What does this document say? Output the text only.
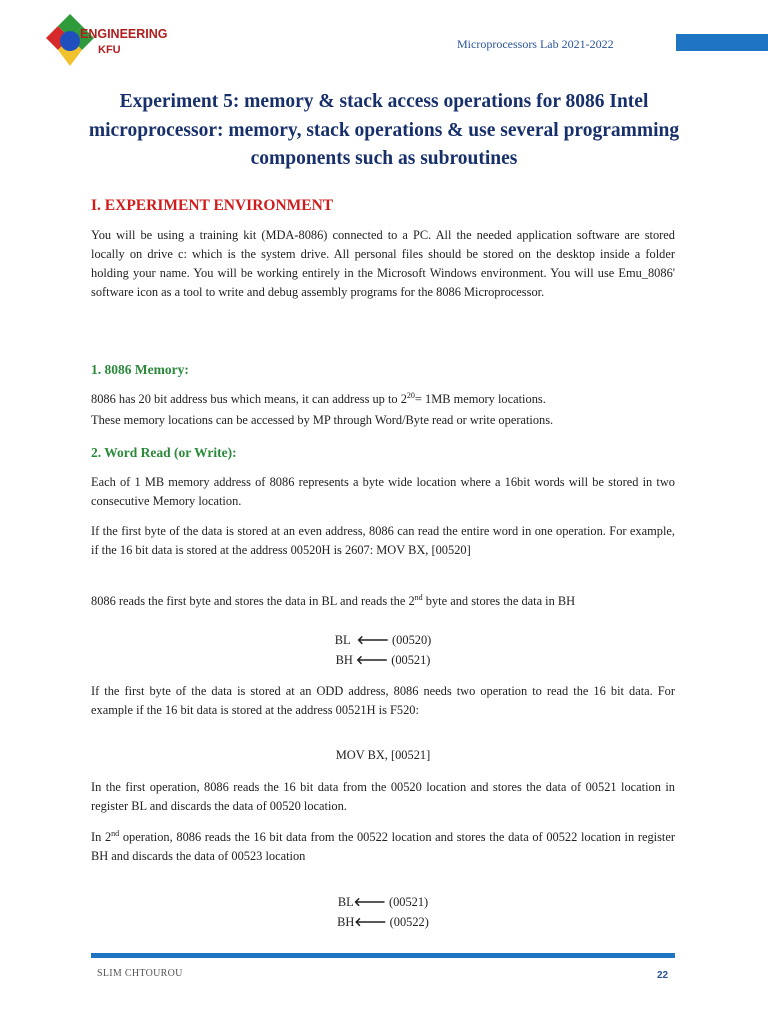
ENGINEERING
KFU	Microprocessors Lab 2021-2022
Experiment 5: memory & stack access operations for 8086 Intel microprocessor: memory, stack operations & use several programming components such as subroutines
I. EXPERIMENT ENVIRONMENT

You will be using a training kit (MDA-8086) connected to a PC. All the needed application software are stored locally on drive c: which is the system drive. All personal files should be stored on the desktop inside a folder holding your name. You will be working entirely in the Microsoft Windows environment. You will use Emu_8086' software icon as a tool to write and debug assembly programs for the 8086 Microprocessor.

1. 8086 Memory:

8086 has 20 bit address bus which means, it can address up to $2^{20}= 1MB$ memory locations.

These memory locations can be accessed by MP through Word/Byte read or write operations.

2. Word Read (or Write):

Each of 1 MB memory address of 8086 represents a byte wide location where a 16bit words will be stored in two consecutive Memory location.

If the first byte of the data is stored at an even address, 8086 can read the entire word in one operation. For example, if the 16 bit data is stored at the address 00520H is 2607: MOV BX, [00520]

8086 reads the first byte and stores the data in BL and reads the 2nd byte and stores the data in BH

BL 🡐 (00520)
BH 🡐 (00521)

If the first byte of the data is stored at an ODD address, 8086 needs two operation to read the 16 bit data. For example if the 16 bit data is stored at the address 00521H is F520:

MOV BX, [00521]

In the first operation, 8086 reads the 16 bit data from the 00520 location and stores the data of 00521 location in register BL and discards the data of 00520 location.

In 2nd operation, 8086 reads the 16 bit data from the 00522 location and stores the data of 00522 location in register BH and discards the data of 00523 location

BL🡐 (00521)
BH🡐 (00522)
SLIM CHTOUROU	22
